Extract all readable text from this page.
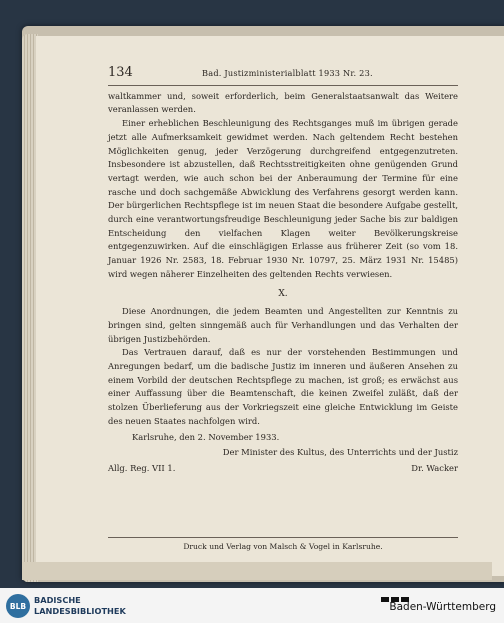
134	Bad. Justizministerialblatt 1933 Nr. 23.

waltkammer und, soweit erforderlich, beim Generalstaatsanwalt das Weitere veranlassen werden.

Einer erheblichen Beschleunigung des Rechtsganges muß im übrigen gerade jetzt alle Aufmerksamkeit gewidmet werden. Nach geltendem Recht bestehen Möglichkeiten genug, jeder Verzögerung durchgreifend entgegenzutreten. Insbesondere ist abzustellen, daß Rechtsstreitigkeiten ohne genügenden Grund vertagt werden, wie auch schon bei der Anberaumung der Termine für eine rasche und doch sachgemäße Abwicklung des Verfahrens gesorgt werden kann. Der bürgerlichen Rechtspflege ist im neuen Staat die besondere Aufgabe gestellt, durch eine verantwortungsfreudige Beschleunigung jeder Sache bis zur baldigen Entscheidung den vielfachen Klagen weiter Bevölkerungskreise entgegenzuwirken. Auf die einschlägigen Erlasse aus früherer Zeit (so vom 18. Januar 1926 Nr. 2583, 18. Februar 1930 Nr. 10797, 25. März 1931 Nr. 15485) wird wegen näherer Einzelheiten des geltenden Rechts verwiesen.

X.

Diese Anordnungen, die jedem Beamten und Angestellten zur Kenntnis zu bringen sind, gelten sinngemäß auch für Verhandlungen und das Verhalten der übrigen Justizbehörden.

Das Vertrauen darauf, daß es nur der vorstehenden Bestimmungen und Anregungen bedarf, um die badische Justiz im inneren und äußeren Ansehen zu einem Vorbild der deutschen Rechtspflege zu machen, ist groß; es erwächst aus einer Auffassung über die Beamtenschaft, die keinen Zweifel zuläßt, daß der stolzen Überlieferung aus der Vorkriegszeit eine gleiche Entwicklung im Geiste des neuen Staates nachfolgen wird.

Karlsruhe, den 2. November 1933.
Der Minister des Kultus, des Unterrichts und der Justiz
Allg. Reg. VII 1.	Dr. Wacker
Druck und Verlag von Malsch & Vogel in Karlsruhe.
BLB
BADISCHE
LANDESBIBLIOTHEK	Baden-Württemberg
